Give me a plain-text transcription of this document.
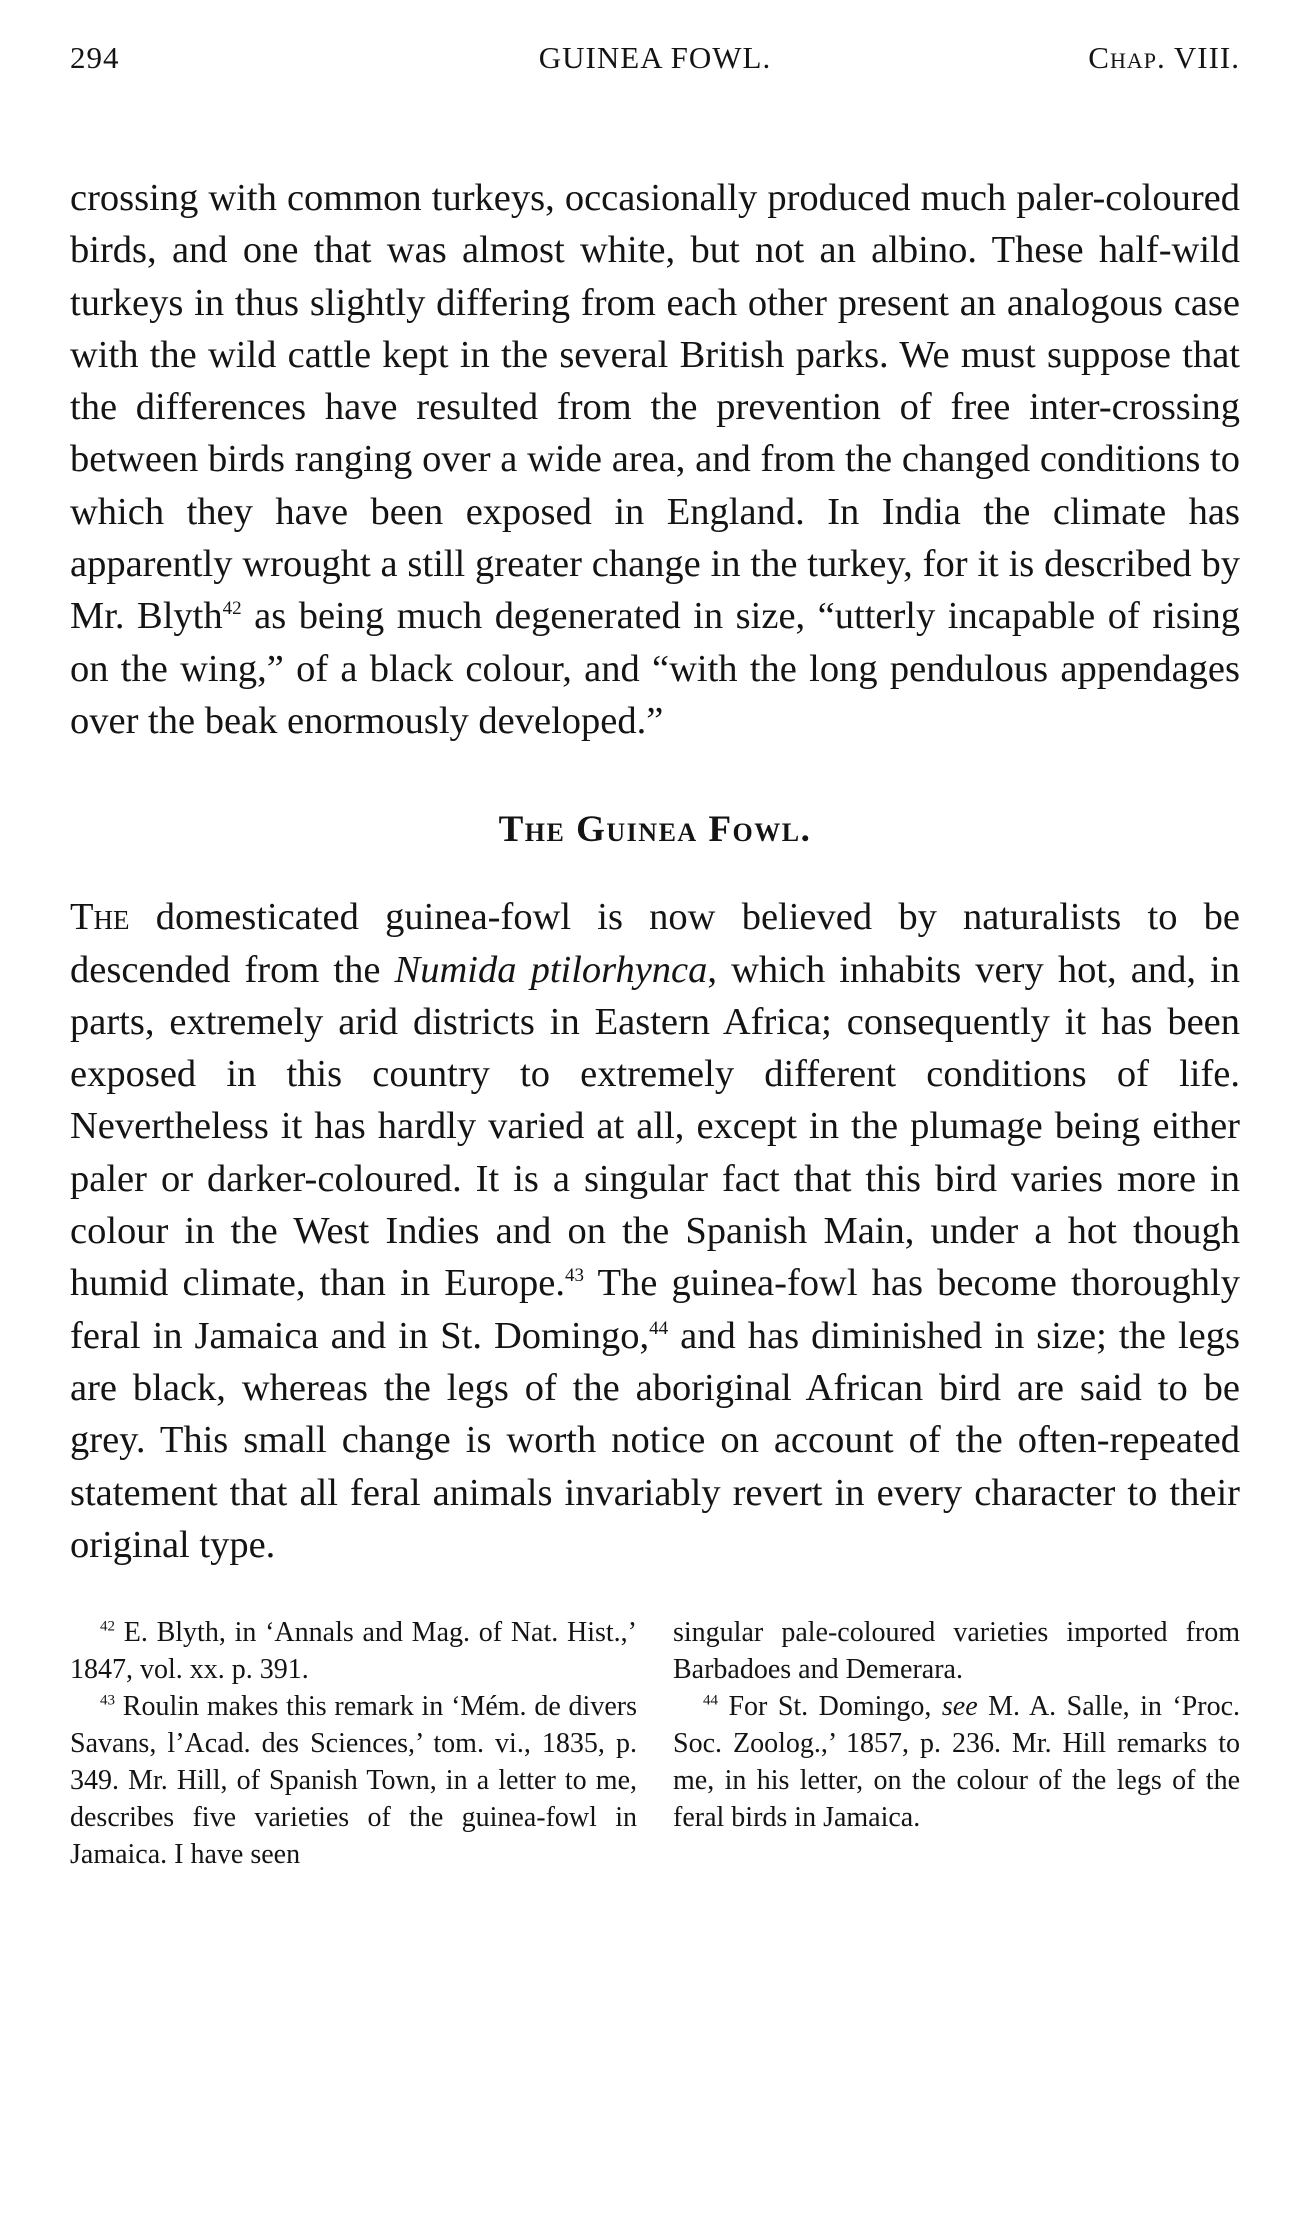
294	GUINEA FOWL.	Chap. VIII.

crossing with common turkeys, occasionally produced much paler-coloured birds, and one that was almost white, but not an albino. These half-wild turkeys in thus slightly differing from each other present an analogous case with the wild cattle kept in the several British parks. We must suppose that the differences have resulted from the prevention of free inter-crossing between birds ranging over a wide area, and from the changed conditions to which they have been exposed in England. In India the climate has apparently wrought a still greater change in the turkey, for it is described by Mr. Blyth$^{42}$ as being much degenerated in size, “utterly incapable of rising on the wing,” of a black colour, and “with the long pendulous appendages over the beak enormously developed.”

The Guinea Fowl.

The domesticated guinea-fowl is now believed by naturalists to be descended from the Numida ptilorhynca, which inhabits very hot, and, in parts, extremely arid districts in Eastern Africa; consequently it has been exposed in this country to extremely different conditions of life. Nevertheless it has hardly varied at all, except in the plumage being either paler or darker-coloured. It is a singular fact that this bird varies more in colour in the West Indies and on the Spanish Main, under a hot though humid climate, than in Europe.$^{43}$ The guinea-fowl has become thoroughly feral in Jamaica and in St. Domingo,$^{44}$ and has diminished in size; the legs are black, whereas the legs of the aboriginal African bird are said to be grey. This small change is worth notice on account of the often-repeated statement that all feral animals invariably revert in every character to their original type.

$^{42}$ E. Blyth, in ‘Annals and Mag. of Nat. Hist.,’ 1847, vol. xx. p. 391.

$^{43}$ Roulin makes this remark in ‘Mém. de divers Savans, l’Acad. des Sciences,’ tom. vi., 1835, p. 349. Mr. Hill, of Spanish Town, in a letter to me, describes five varieties of the guinea-fowl in Jamaica. I have seen

singular pale-coloured varieties imported from Barbadoes and Demerara.

$^{44}$ For St. Domingo, see M. A. Salle, in ‘Proc. Soc. Zoolog.,’ 1857, p. 236. Mr. Hill remarks to me, in his letter, on the colour of the legs of the feral birds in Jamaica.
